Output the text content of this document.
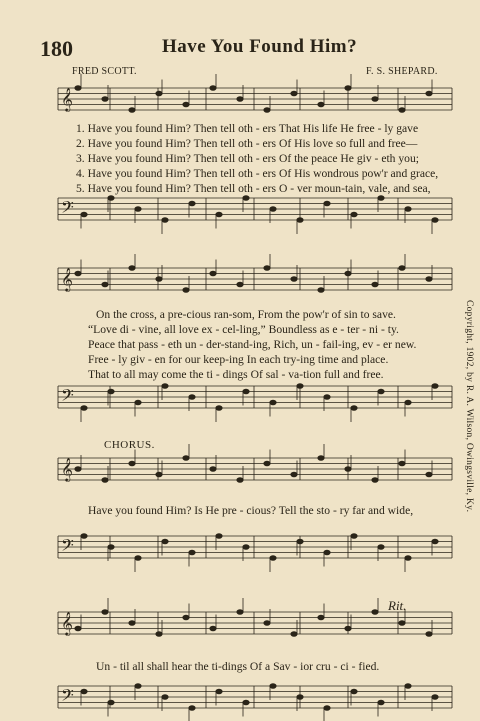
180	Have You Found Him?
FRED SCOTT.	F. S. SHEPARD.
𝄞
𝄢
𝄞
𝄢
𝄞
𝄢
𝄞
𝄢
1. Have you found Him? Then tell oth - ers That His life He free - ly gave
2. Have you found Him? Then tell oth - ers Of His love so full and free—
3. Have you found Him? Then tell oth - ers Of the peace He giv - eth you;
4. Have you found Him? Then tell oth - ers Of His wondrous pow'r and grace,
5. Have you found Him? Then tell oth - ers O - ver moun-tain, vale, and sea,
On the cross, a pre-cious ran-som, From the pow'r of sin to save.
“Love di - vine, all love ex - cel-ling,” Boundless as e - ter - ni - ty.
Peace that pass - eth un - der-stand-ing, Rich, un - fail-ing, ev - er new.
Free - ly giv - en for our keep-ing In each try-ing time and place.
That to all may come the ti - dings Of sal - va-tion full and free.
CHORUS.
Have you found Him? Is He pre - cious? Tell the sto - ry far and wide,
Un - til all shall hear the ti-dings Of a Sav - ior cru - ci - fied.
Rit.
Copyright, 1902, by R. A. Wilson, Owingsville, Ky.
